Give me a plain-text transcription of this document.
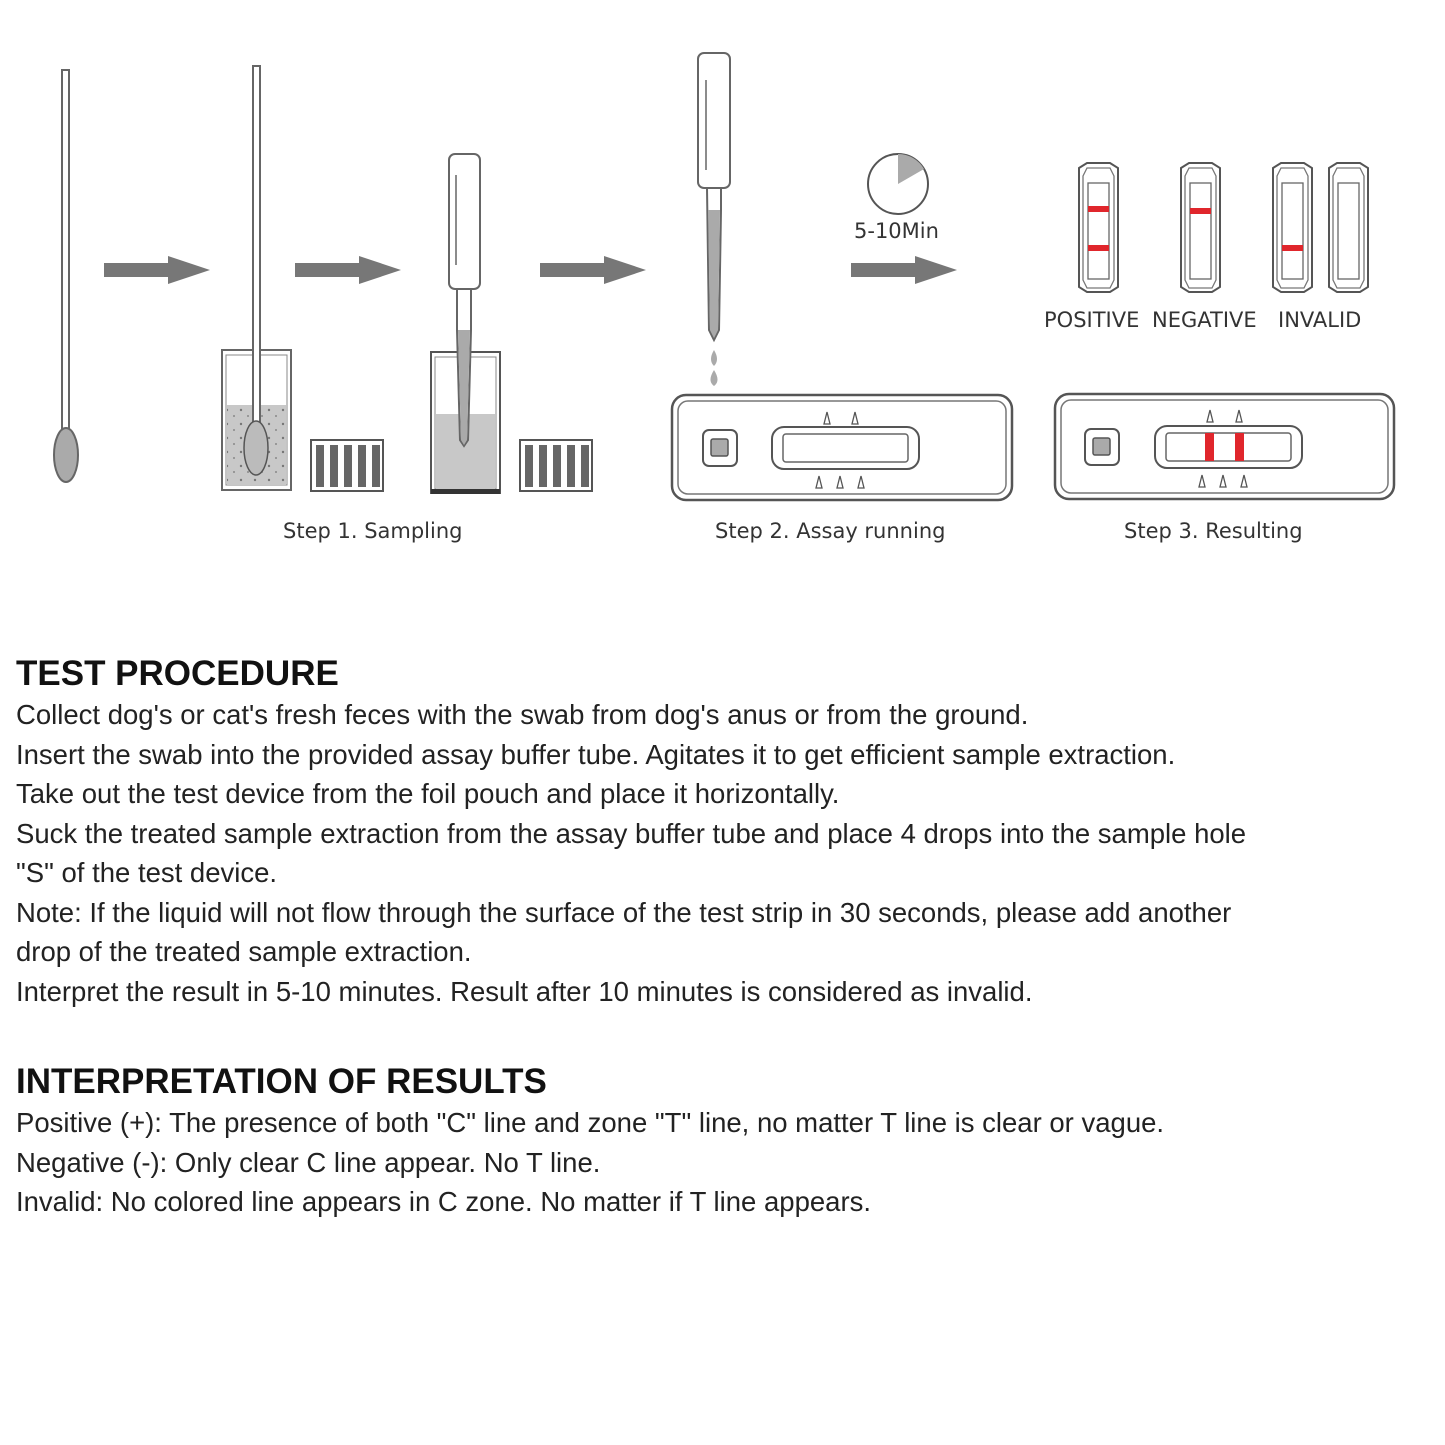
5-10Min
POSITIVE NEGATIVE INVALID
Step 1. Sampling	Step 2. Assay running	Step 3. Resulting
TEST PROCEDURE

Collect dog's or cat's fresh feces with the swab from dog's anus or from the ground.

Insert the swab into the provided assay buffer tube. Agitates it to get efficient sample extraction.

Take out the test device from the foil pouch and place it horizontally.

Suck the treated sample extraction from the assay buffer tube and place 4 drops into the sample hole

"S" of the test device.

Note: If the liquid will not flow through the surface of the test strip in 30 seconds, please add another

drop of the treated sample extraction.

Interpret the result in 5-10 minutes. Result after 10 minutes is considered as invalid.

INTERPRETATION OF RESULTS

Positive (+): The presence of both "C" line and zone "T" line, no matter T line is clear or vague.

Negative (-): Only clear C line appear. No T line.

Invalid: No colored line appears in C zone. No matter if T line appears.
